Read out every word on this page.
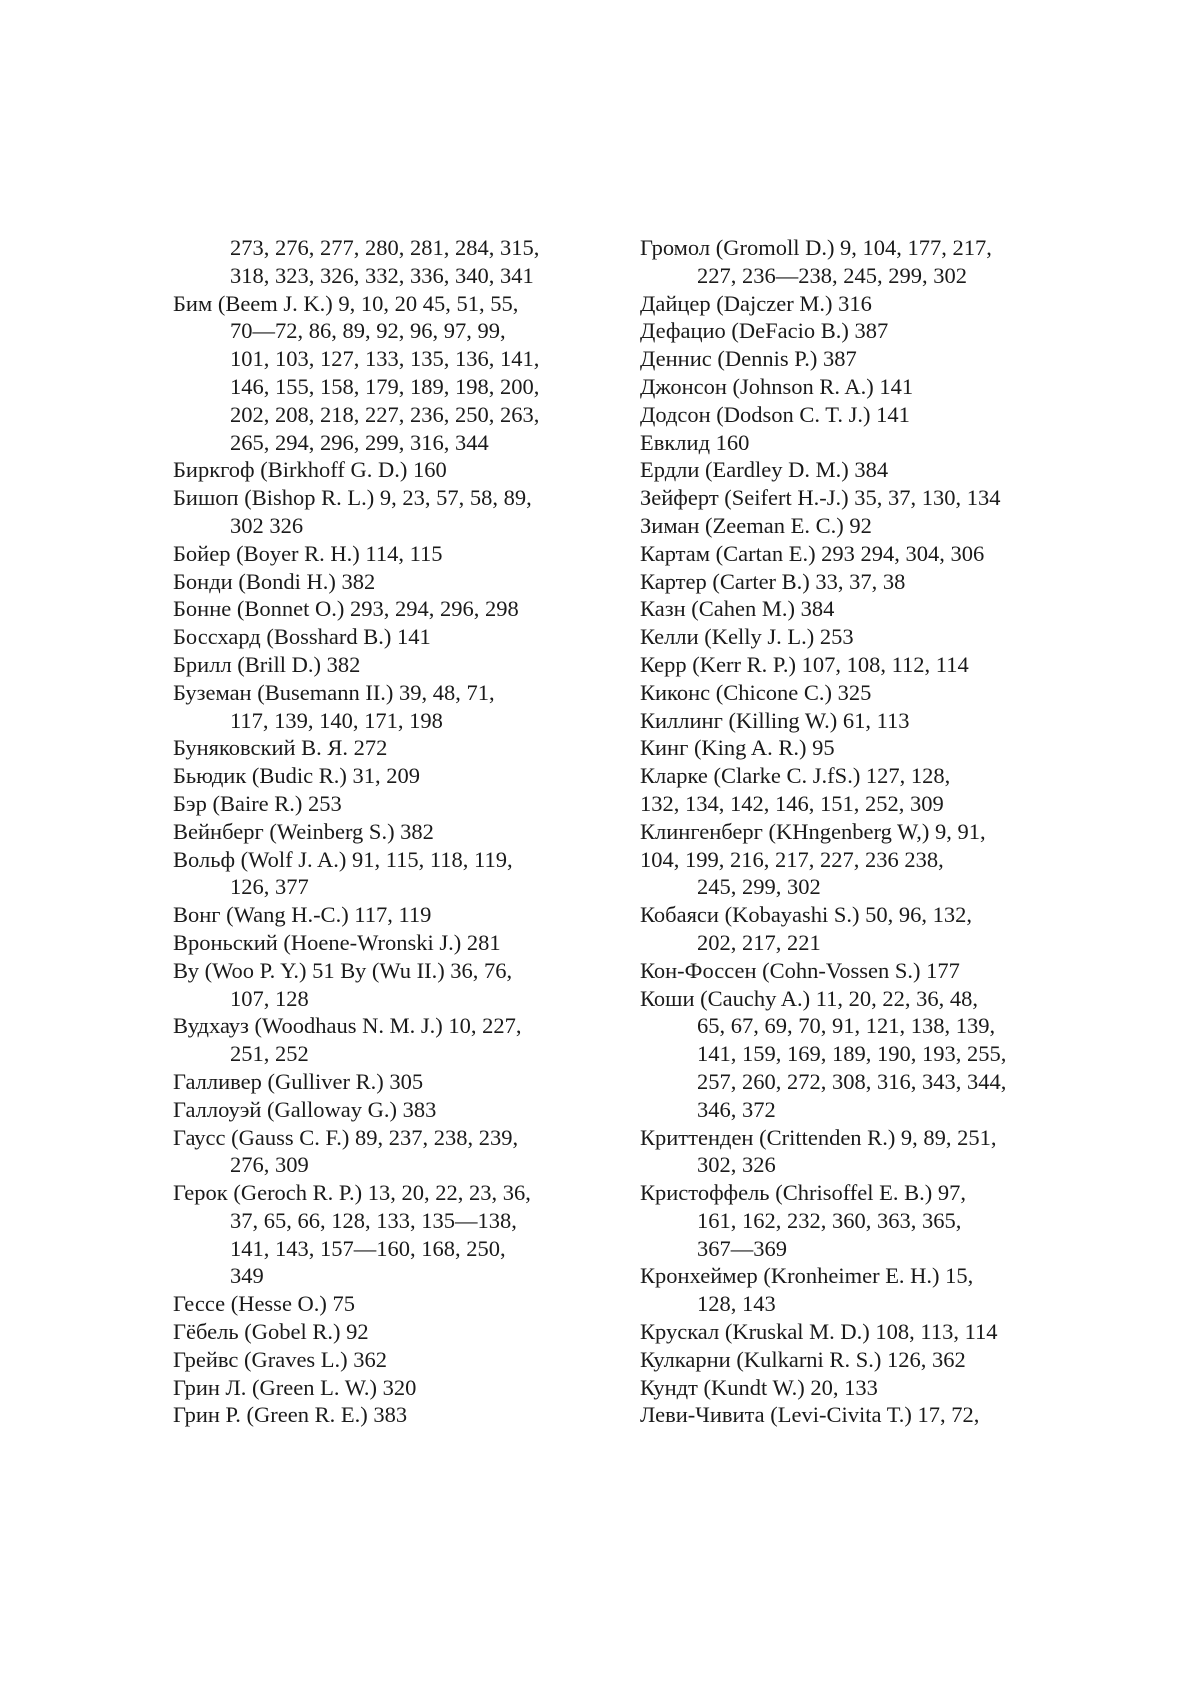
273, 276, 277, 280, 281, 284, 315,
318, 323, 326, 332, 336, 340, 341
Бим (Beem J. K.) 9, 10, 20 45, 51, 55,
70—72, 86, 89, 92, 96, 97, 99,
101, 103, 127, 133, 135, 136, 141,
146, 155, 158, 179, 189, 198, 200,
202, 208, 218, 227, 236, 250, 263,
265, 294, 296, 299, 316, 344
Биркгоф (Birkhoff G. D.) 160
Бишоп (Bishop R. L.) 9, 23, 57, 58, 89,
302 326
Бойер (Boyer R. H.) 114, 115
Бонди (Bondi H.) 382
Бонне (Bonnet O.) 293, 294, 296, 298
Боссхард (Bosshard B.) 141
Брилл (Brill D.) 382
Буземан (Busemann II.) 39, 48, 71,
117, 139, 140, 171, 198
Буняковский В. Я. 272
Бьюдик (Budic R.) 31, 209
Бэр (Baire R.) 253
Вейнберг (Weinberg S.) 382
Вольф (Wolf J. A.) 91, 115, 118, 119,
126, 377
Вонг (Wang H.-C.) 117, 119
Вроньский (Hoene-Wronski J.) 281
Ву (Woo P. Y.) 51 Ву (Wu II.) 36, 76,
107, 128
Вудхауз (Woodhaus N. M. J.) 10, 227,
251, 252
Галливер (Gulliver R.) 305
Галлоуэй (Galloway G.) 383
Гаусс (Gauss C. F.) 89, 237, 238, 239,
276, 309
Герок (Geroch R. P.) 13, 20, 22, 23, 36,
37, 65, 66, 128, 133, 135—138,
141, 143, 157—160, 168, 250,
349
Гессе (Hesse O.) 75
Гёбель (Gobel R.) 92
Грейвс (Graves L.) 362
Грин Л. (Green L. W.) 320
Грин Р. (Green R. E.) 383
Громол (Gromoll D.) 9, 104, 177, 217,
227, 236—238, 245, 299, 302
Дайцер (Dajczer M.) 316
Дефацио (DeFacio B.) 387
Деннис (Dennis P.) 387
Джонсон (Johnson R. A.) 141
Додсон (Dodson C. T. J.) 141
Евклид 160
Ердли (Eardley D. M.) 384
Зейферт (Seifert H.-J.) 35, 37, 130, 134
Зиман (Zeeman E. C.) 92
Картам (Cartan E.) 293 294, 304, 306
Картер (Carter B.) 33, 37, 38
Казн (Cahen M.) 384
Келли (Kelly J. L.) 253
Керр (Kerr R. P.) 107, 108, 112, 114
Киконс (Chicone C.) 325
Киллинг (Killing W.) 61, 113
Кинг (King A. R.) 95
Кларке (Clarke C. J.fS.) 127, 128,
132, 134, 142, 146, 151, 252, 309
Клингенберг (KHngenberg W,) 9, 91,
104, 199, 216, 217, 227, 236 238,
245, 299, 302
Кобаяси (Kobayashi S.) 50, 96, 132,
202, 217, 221
Кон-Фоссен (Cohn-Vossen S.) 177
Коши (Cauchy A.) 11, 20, 22, 36, 48,
65, 67, 69, 70, 91, 121, 138, 139,
141, 159, 169, 189, 190, 193, 255,
257, 260, 272, 308, 316, 343, 344,
346, 372
Криттенден (Crittenden R.) 9, 89, 251,
302, 326
Кристоффель (Chrisoffel E. B.) 97,
161, 162, 232, 360, 363, 365,
367—369
Кронхеймер (Kronheimer E. H.) 15,
128, 143
Крускал (Kruskal M. D.) 108, 113, 114
Кулкарни (Kulkarni R. S.) 126, 362
Кундт (Kundt W.) 20, 133
Леви-Чивита (Levi-Civita T.) 17, 72,
